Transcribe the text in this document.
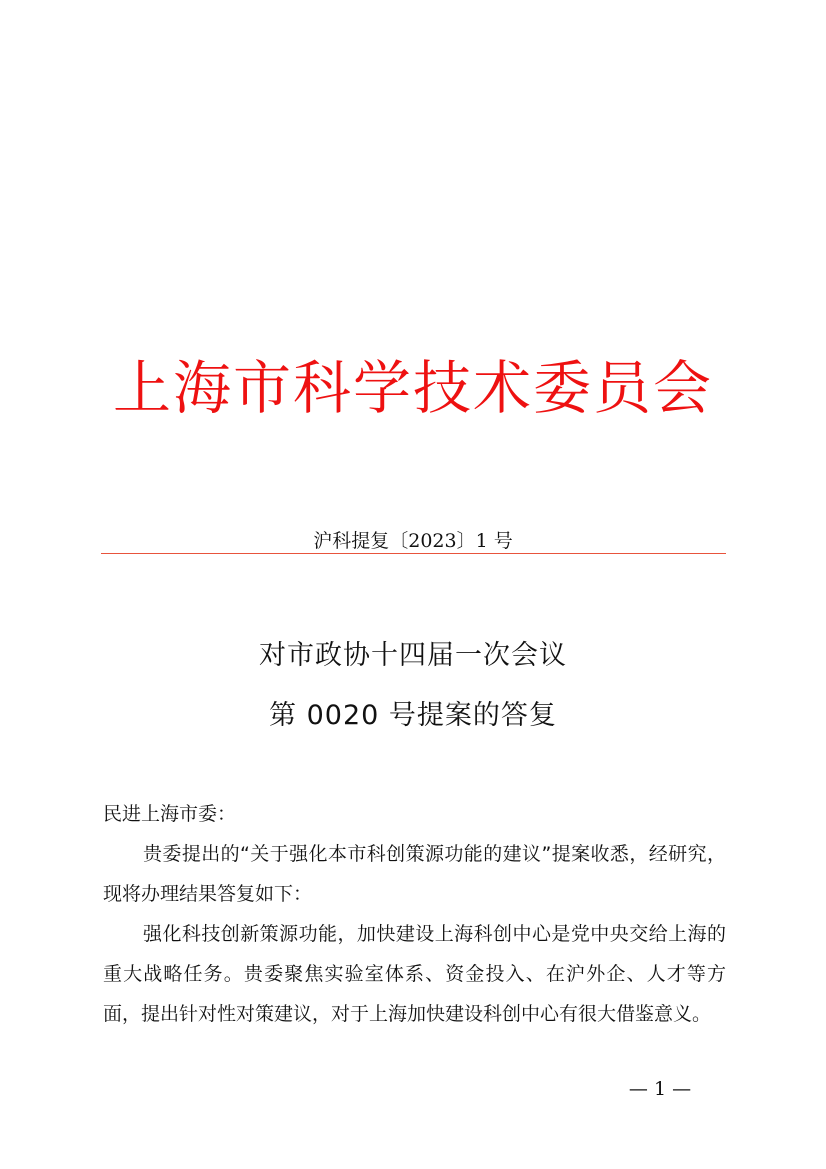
上海市科学技术委员会
沪科提复〔2023〕1 号
对市政协十四届一次会议
第 0020 号提案的答复
民进上海市委：
贵委提出的“关于强化本市科创策源功能的建议”提案收悉，经研究，现将办理结果答复如下：
强化科技创新策源功能，加快建设上海科创中心是党中央交给上海的重大战略任务。贵委聚焦实验室体系、资金投入、在沪外企、人才等方面，提出针对性对策建议，对于上海加快建设科创中心有很大借鉴意义。
— 1 —
